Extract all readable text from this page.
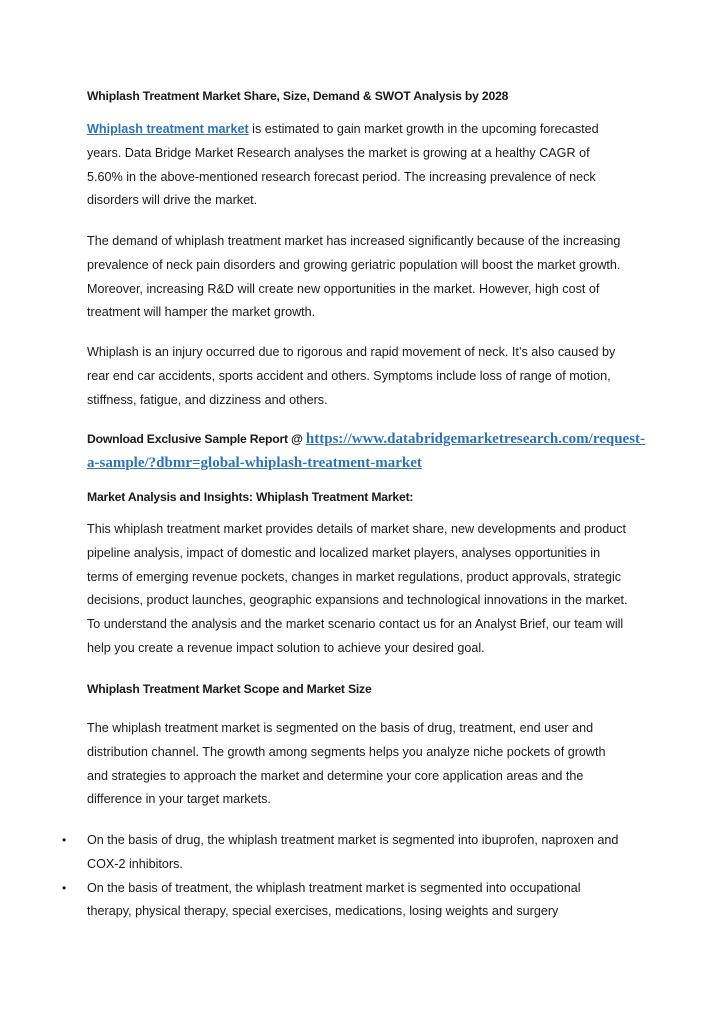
Whiplash Treatment Market Share, Size, Demand & SWOT Analysis by 2028
Whiplash treatment market is estimated to gain market growth in the upcoming forecasted
years. Data Bridge Market Research analyses the market is growing at a healthy CAGR of
5.60% in the above-mentioned research forecast period. The increasing prevalence of neck
disorders will drive the market.
The demand of whiplash treatment market has increased significantly because of the increasing
prevalence of neck pain disorders and growing geriatric population will boost the market growth.
Moreover, increasing R&D will create new opportunities in the market. However, high cost of
treatment will hamper the market growth.
Whiplash is an injury occurred due to rigorous and rapid movement of neck. It’s also caused by
rear end car accidents, sports accident and others. Symptoms include loss of range of motion,
stiffness, fatigue, and dizziness and others.
Download Exclusive Sample Report @ https://www.databridgemarketresearch.com/request-
a-sample/?dbmr=global-whiplash-treatment-market
Market Analysis and Insights: Whiplash Treatment Market:
This whiplash treatment market provides details of market share, new developments and product
pipeline analysis, impact of domestic and localized market players, analyses opportunities in
terms of emerging revenue pockets, changes in market regulations, product approvals, strategic
decisions, product launches, geographic expansions and technological innovations in the market.
To understand the analysis and the market scenario contact us for an Analyst Brief, our team will
help you create a revenue impact solution to achieve your desired goal.
Whiplash Treatment Market Scope and Market Size
The whiplash treatment market is segmented on the basis of drug, treatment, end user and
distribution channel. The growth among segments helps you analyze niche pockets of growth
and strategies to approach the market and determine your core application areas and the
difference in your target markets.
• On the basis of drug, the whiplash treatment market is segmented into ibuprofen, naproxen and
COX-2 inhibitors.
• On the basis of treatment, the whiplash treatment market is segmented into occupational
therapy, physical therapy, special exercises, medications, losing weights and surgery
